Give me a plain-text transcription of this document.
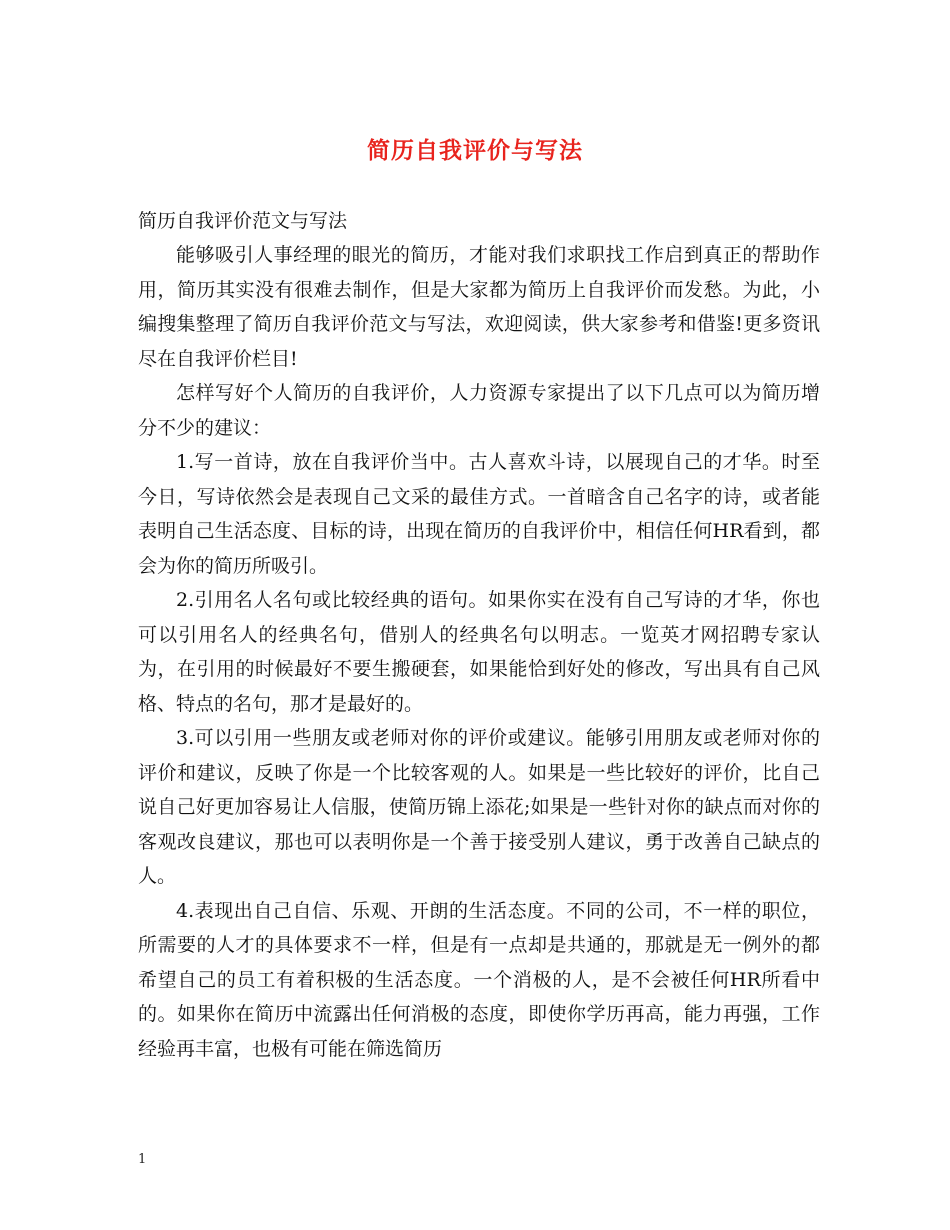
简历自我评价与写法

简历自我评价范文与写法

能够吸引人事经理的眼光的简历，才能对我们求职找工作启到真正的帮助作用，简历其实没有很难去制作，但是大家都为简历上自我评价而发愁。为此，小编搜集整理了简历自我评价范文与写法，欢迎阅读，供大家参考和借鉴!更多资讯尽在自我评价栏目!

怎样写好个人简历的自我评价，人力资源专家提出了以下几点可以为简历增分不少的建议：

1.写一首诗，放在自我评价当中。古人喜欢斗诗，以展现自己的才华。时至今日，写诗依然会是表现自己文采的最佳方式。一首暗含自己名字的诗，或者能表明自己生活态度、目标的诗，出现在简历的自我评价中，相信任何HR看到，都会为你的简历所吸引。

2.引用名人名句或比较经典的语句。如果你实在没有自己写诗的才华，你也可以引用名人的经典名句，借别人的经典名句以明志。一览英才网招聘专家认为，在引用的时候最好不要生搬硬套，如果能恰到好处的修改，写出具有自己风格、特点的名句，那才是最好的。

3.可以引用一些朋友或老师对你的评价或建议。能够引用朋友或老师对你的评价和建议，反映了你是一个比较客观的人。如果是一些比较好的评价，比自己说自己好更加容易让人信服，使简历锦上添花;如果是一些针对你的缺点而对你的客观改良建议，那也可以表明你是一个善于接受别人建议，勇于改善自己缺点的人。

4.表现出自己自信、乐观、开朗的生活态度。不同的公司，不一样的职位，所需要的人才的具体要求不一样，但是有一点却是共通的，那就是无一例外的都希望自己的员工有着积极的生活态度。一个消极的人，是不会被任何HR所看中的。如果你在简历中流露出任何消极的态度，即使你学历再高，能力再强，工作经验再丰富，也极有可能在筛选简历

1
